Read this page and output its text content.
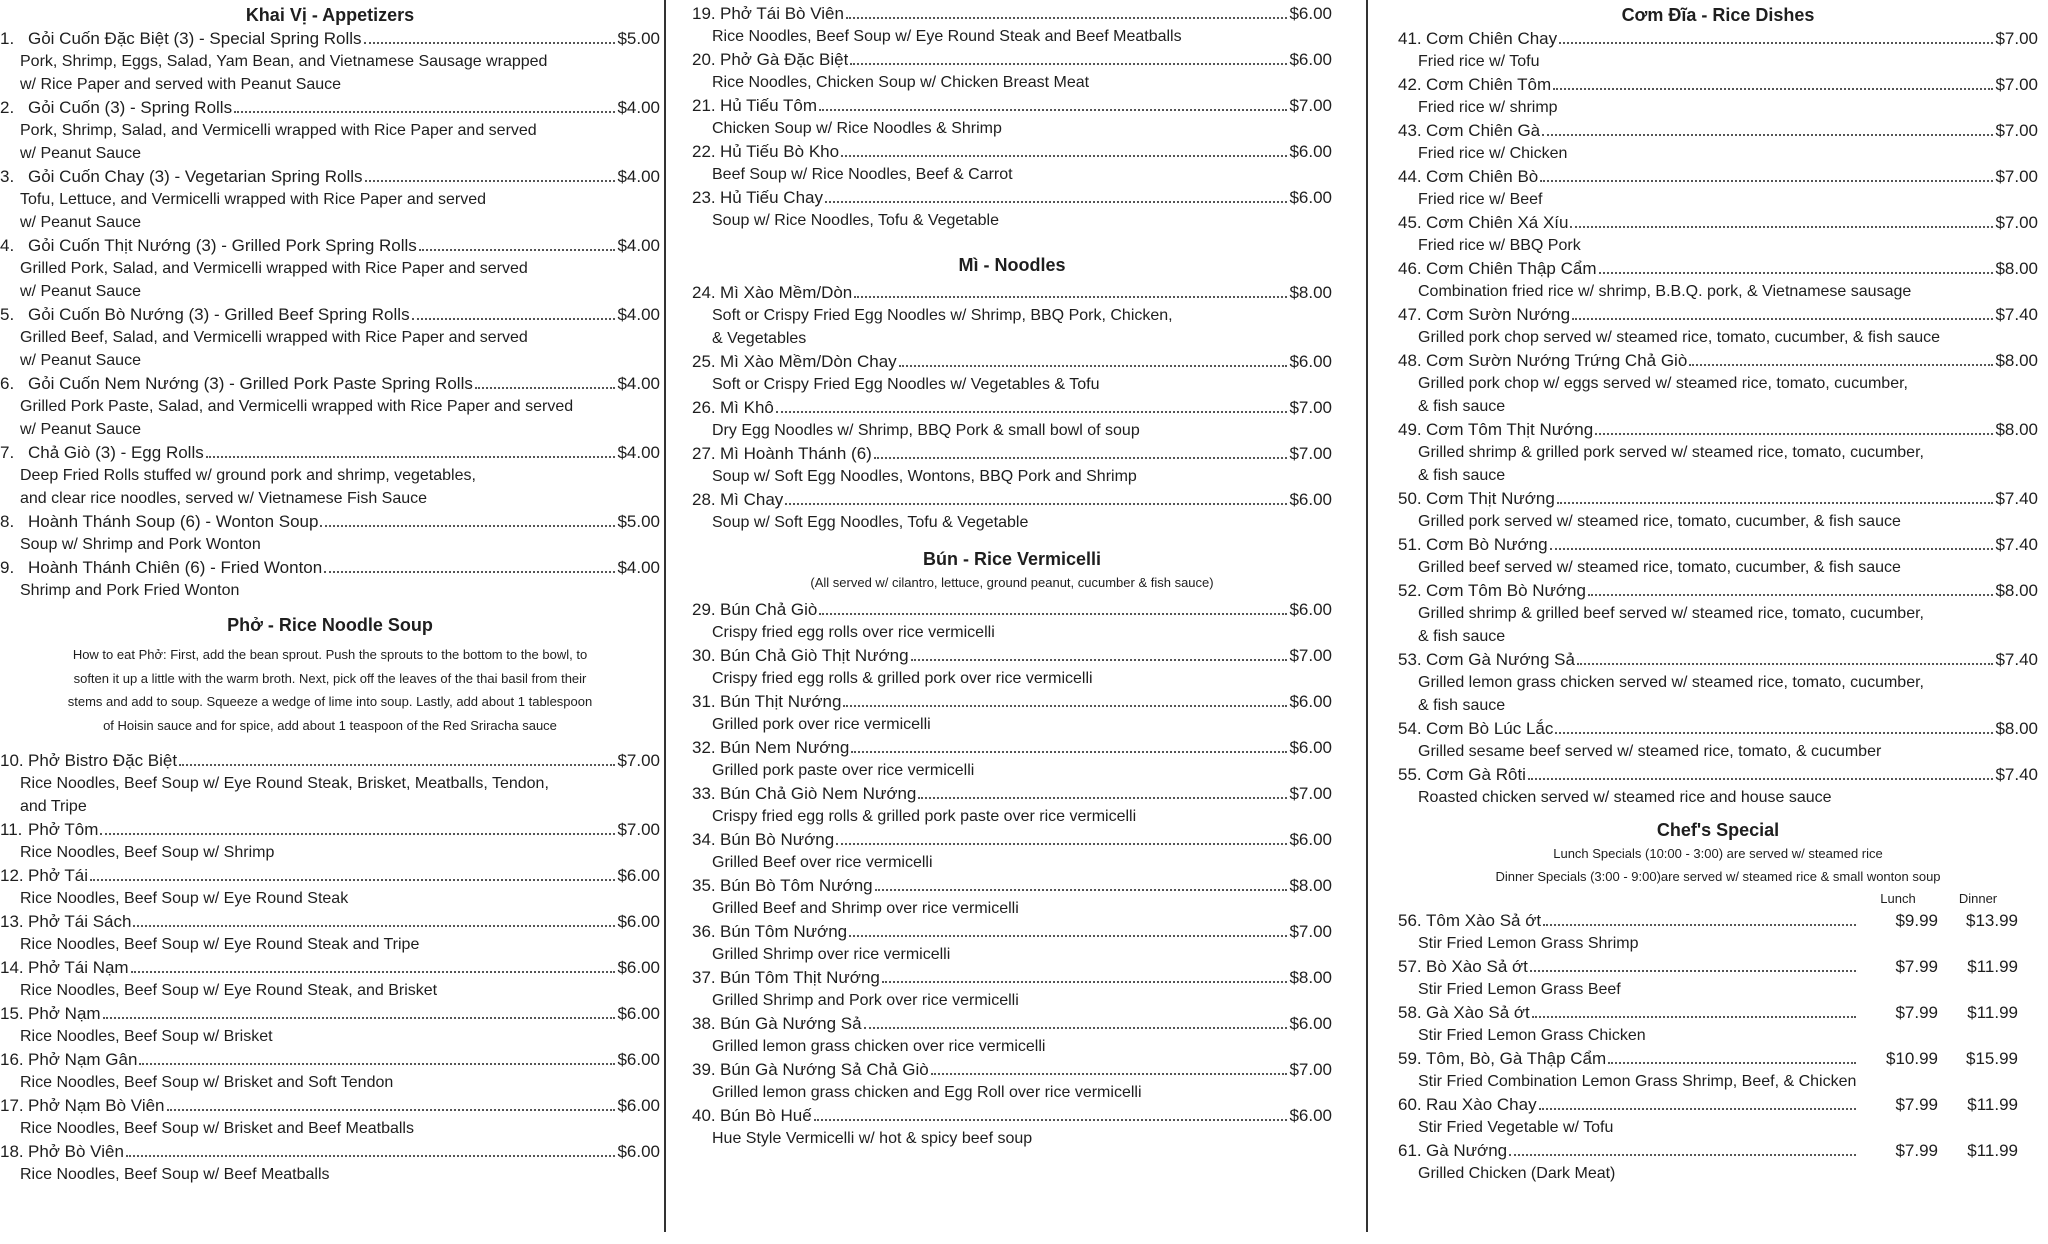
Khai Vị - Appetizers
1. Gỏi Cuốn Đặc Biệt (3) - Special Spring Rolls	$5.00
Pork, Shrimp, Eggs, Salad, Yam Bean, and Vietnamese Sausage wrapped
w/ Rice Paper and served with Peanut Sauce
2. Gỏi Cuốn (3) - Spring Rolls	$4.00
Pork, Shrimp, Salad, and Vermicelli wrapped with Rice Paper and served
w/ Peanut Sauce
3. Gỏi Cuốn Chay (3) - Vegetarian Spring Rolls	$4.00
Tofu, Lettuce, and Vermicelli wrapped with Rice Paper and served
w/ Peanut Sauce
4. Gỏi Cuốn Thịt Nướng (3) - Grilled Pork Spring Rolls	$4.00
Grilled Pork, Salad, and Vermicelli wrapped with Rice Paper and served
w/ Peanut Sauce
5. Gỏi Cuốn Bò Nướng (3) - Grilled Beef Spring Rolls	$4.00
Grilled Beef, Salad, and Vermicelli wrapped with Rice Paper and served
w/ Peanut Sauce
6. Gỏi Cuốn Nem Nướng (3) - Grilled Pork Paste Spring Rolls	$4.00
Grilled Pork Paste, Salad, and Vermicelli wrapped with Rice Paper and served
w/ Peanut Sauce
7. Chả Giò (3) - Egg Rolls	$4.00
Deep Fried Rolls stuffed w/ ground pork and shrimp, vegetables,
and clear rice noodles, served w/ Vietnamese Fish Sauce
8. Hoành Thánh Soup (6) - Wonton Soup	$5.00
Soup w/ Shrimp and Pork Wonton
9. Hoành Thánh Chiên (6) - Fried Wonton	$4.00
Shrimp and Pork Fried Wonton
Phở - Rice Noodle Soup
How to eat Phở: First, add the bean sprout. Push the sprouts to the bottom to the bowl, to
soften it up a little with the warm broth. Next, pick off the leaves of the thai basil from their
stems and add to soup. Squeeze a wedge of lime into soup. Lastly, add about 1 tablespoon
of Hoisin sauce and for spice, add about 1 teaspoon of the Red Sriracha sauce
10. Phở Bistro Đặc Biệt	$7.00
Rice Noodles, Beef Soup w/ Eye Round Steak, Brisket, Meatballs, Tendon,
and Tripe
11. Phở Tôm	$7.00
Rice Noodles, Beef Soup w/ Shrimp
12. Phở Tái	$6.00
Rice Noodles, Beef Soup w/ Eye Round Steak
13. Phở Tái Sách	$6.00
Rice Noodles, Beef Soup w/ Eye Round Steak and Tripe
14. Phở Tái Nạm	$6.00
Rice Noodles, Beef Soup w/ Eye Round Steak, and Brisket
15. Phở Nạm	$6.00
Rice Noodles, Beef Soup w/ Brisket
16. Phở Nạm Gân	$6.00
Rice Noodles, Beef Soup w/ Brisket and Soft Tendon
17. Phở Nạm Bò Viên	$6.00
Rice Noodles, Beef Soup w/ Brisket and Beef Meatballs
18. Phở Bò Viên	$6.00
Rice Noodles, Beef Soup w/ Beef Meatballs
19. Phở Tái Bò Viên	$6.00
Rice Noodles, Beef Soup w/ Eye Round Steak and Beef Meatballs
20. Phở Gà Đặc Biệt	$6.00
Rice Noodles, Chicken Soup w/ Chicken Breast Meat
21. Hủ Tiếu Tôm	$7.00
Chicken Soup w/ Rice Noodles & Shrimp
22. Hủ Tiếu Bò Kho	$6.00
Beef Soup w/ Rice Noodles, Beef & Carrot
23. Hủ Tiếu Chay	$6.00
Soup w/ Rice Noodles, Tofu & Vegetable
Mì - Noodles
24. Mì Xào Mềm/Dòn	$8.00
Soft or Crispy Fried Egg Noodles w/ Shrimp, BBQ Pork, Chicken,
& Vegetables
25. Mì Xào Mềm/Dòn Chay	$6.00
Soft or Crispy Fried Egg Noodles w/ Vegetables & Tofu
26. Mì Khô	$7.00
Dry Egg Noodles w/ Shrimp, BBQ Pork & small bowl of soup
27. Mì Hoành Thánh (6)	$7.00
Soup w/ Soft Egg Noodles, Wontons, BBQ Pork and Shrimp
28. Mì Chay	$6.00
Soup w/ Soft Egg Noodles, Tofu & Vegetable
Bún - Rice Vermicelli
(All served w/ cilantro, lettuce, ground peanut, cucumber & fish sauce)
29. Bún Chả Giò	$6.00
Crispy fried egg rolls over rice vermicelli
30. Bún Chả Giò Thịt Nướng	$7.00
Crispy fried egg rolls & grilled pork over rice vermicelli
31. Bún Thịt Nướng	$6.00
Grilled pork over rice vermicelli
32. Bún Nem Nướng	$6.00
Grilled pork paste over rice vermicelli
33. Bún Chả Giò Nem Nướng	$7.00
Crispy fried egg rolls & grilled pork paste over rice vermicelli
34. Bún Bò Nướng	$6.00
Grilled Beef over rice vermicelli
35. Bún Bò Tôm Nướng	$8.00
Grilled Beef and Shrimp over rice vermicelli
36. Bún Tôm Nướng	$7.00
Grilled Shrimp over rice vermicelli
37. Bún Tôm Thịt Nướng	$8.00
Grilled Shrimp and Pork over rice vermicelli
38. Bún Gà Nướng Sả	$6.00
Grilled lemon grass chicken over rice vermicelli
39. Bún Gà Nướng Sả Chả Giò	$7.00
Grilled lemon grass chicken and Egg Roll over rice vermicelli
40. Bún Bò Huế	$6.00
Hue Style Vermicelli w/ hot & spicy beef soup
Cơm Đĩa - Rice Dishes
41. Cơm Chiên Chay	$7.00
Fried rice w/ Tofu
42. Cơm Chiên Tôm	$7.00
Fried rice w/ shrimp
43. Cơm Chiên Gà	$7.00
Fried rice w/ Chicken
44. Cơm Chiên Bò	$7.00
Fried rice w/ Beef
45. Cơm Chiên Xá Xíu	$7.00
Fried rice w/ BBQ Pork
46. Cơm Chiên Thập Cẩm	$8.00
Combination fried rice w/ shrimp, B.B.Q. pork, & Vietnamese sausage
47. Cơm Sườn Nướng	$7.40
Grilled pork chop served w/ steamed rice, tomato, cucumber, & fish sauce
48. Cơm Sườn Nướng Trứng Chả Giò	$8.00
Grilled pork chop w/ eggs served w/ steamed rice, tomato, cucumber,
& fish sauce
49. Cơm Tôm Thịt Nướng	$8.00
Grilled shrimp & grilled pork served w/ steamed rice, tomato, cucumber,
& fish sauce
50. Cơm Thịt Nướng	$7.40
Grilled pork served w/ steamed rice, tomato, cucumber, & fish sauce
51. Cơm Bò Nướng	$7.40
Grilled beef served w/ steamed rice, tomato, cucumber, & fish sauce
52. Cơm Tôm Bò Nướng	$8.00
Grilled shrimp & grilled beef served w/ steamed rice, tomato, cucumber,
& fish sauce
53. Cơm Gà Nướng Sả	$7.40
Grilled lemon grass chicken served w/ steamed rice, tomato, cucumber,
& fish sauce
54. Cơm Bò Lúc Lắc	$8.00
Grilled sesame beef served w/ steamed rice, tomato, & cucumber
55. Cơm Gà Rôti	$7.40
Roasted chicken served w/ steamed rice and house sauce
Chef's Special
Lunch Specials (10:00 - 3:00) are served w/ steamed rice
Dinner Specials (3:00 - 9:00)are served w/ steamed rice & small wonton soup
Lunch	Dinner
56. Tôm Xào Sả ớt	$9.99	$13.99
Stir Fried Lemon Grass Shrimp
57. Bò Xào Sả ớt	$7.99	$11.99
Stir Fried Lemon Grass Beef
58. Gà Xào Sả ớt	$7.99	$11.99
Stir Fried Lemon Grass Chicken
59. Tôm, Bò, Gà Thập Cẩm	$10.99	$15.99
Stir Fried Combination Lemon Grass Shrimp, Beef, & Chicken
60. Rau Xào Chay	$7.99	$11.99
Stir Fried Vegetable w/ Tofu
61. Gà Nướng	$7.99	$11.99
Grilled Chicken (Dark Meat)
